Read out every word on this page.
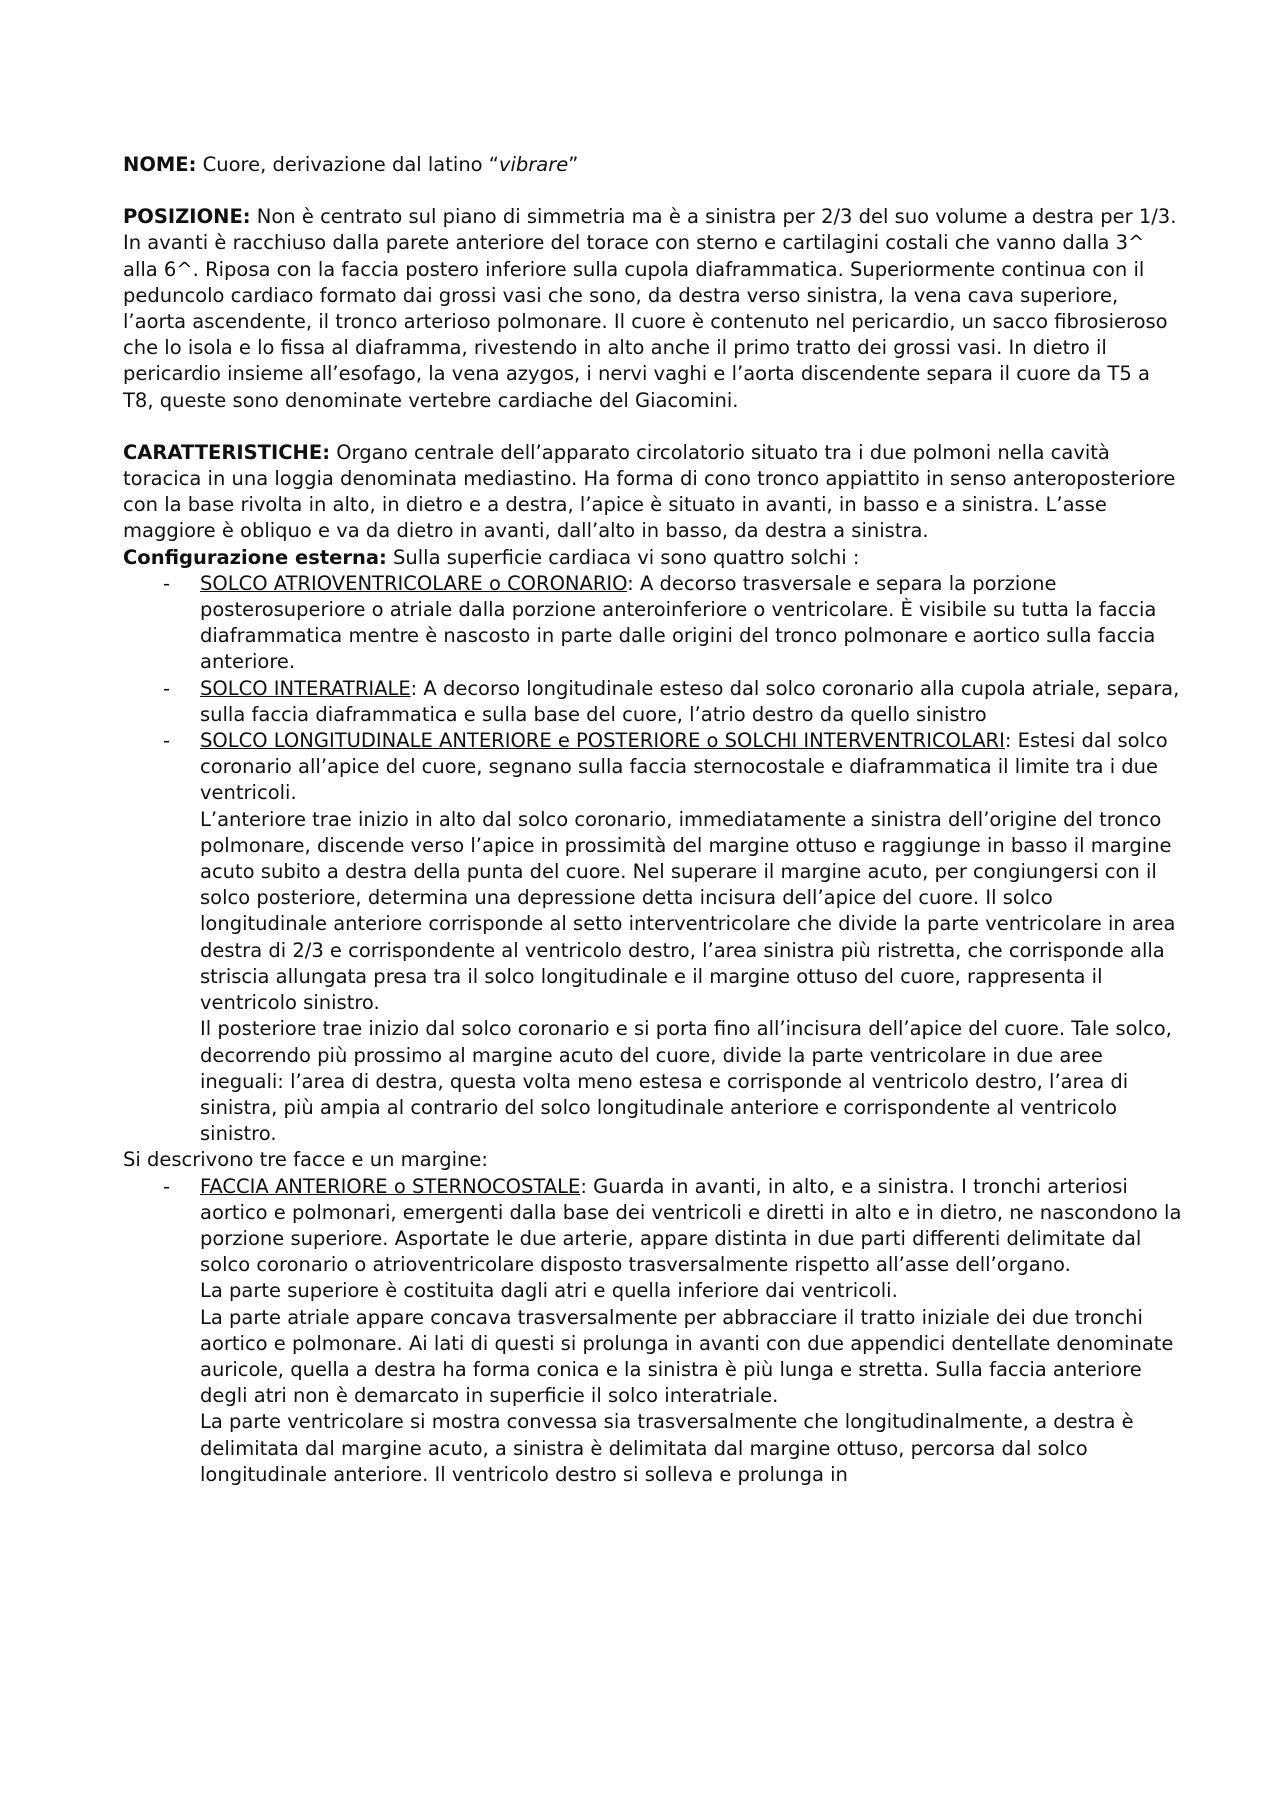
NOME: Cuore, derivazione dal latino “vibrare”

POSIZIONE: Non è centrato sul piano di simmetria ma è a sinistra per 2/3 del suo volume a destra per 1/3. In avanti è racchiuso dalla parete anteriore del torace con sterno e cartilagini costali che vanno dalla 3^ alla 6^. Riposa con la faccia postero inferiore sulla cupola diaframmatica. Superiormente continua con il peduncolo cardiaco formato dai grossi vasi che sono, da destra verso sinistra, la vena cava superiore, l’aorta ascendente, il tronco arterioso polmonare. Il cuore è contenuto nel pericardio, un sacco fibrosieroso che lo isola e lo fissa al diaframma, rivestendo in alto anche il primo tratto dei grossi vasi. In dietro il pericardio insieme all’esofago, la vena azygos, i nervi vaghi e l’aorta discendente separa il cuore da T5 a T8, queste sono denominate vertebre cardiache del Giacomini.

CARATTERISTICHE: Organo centrale dell’apparato circolatorio situato tra i due polmoni nella cavità toracica in una loggia denominata mediastino. Ha forma di cono tronco appiattito in senso anteroposteriore con la base rivolta in alto, in dietro e a destra, l’apice è situato in avanti, in basso e a sinistra. L’asse maggiore è obliquo e va da dietro in avanti, dall’alto in basso, da destra a sinistra.

Configurazione esterna: Sulla superficie cardiaca vi sono quattro solchi :

- SOLCO ATRIOVENTRICOLARE o CORONARIO: A decorso trasversale e separa la porzione posterosuperiore o atriale dalla porzione anteroinferiore o ventricolare. È visibile su tutta la faccia diaframmatica mentre è nascosto in parte dalle origini del tronco polmonare e aortico sulla faccia anteriore.

- SOLCO INTERATRIALE: A decorso longitudinale esteso dal solco coronario alla cupola atriale, separa, sulla faccia diaframmatica e sulla base del cuore, l’atrio destro da quello sinistro

- SOLCO LONGITUDINALE ANTERIORE e POSTERIORE o SOLCHI INTERVENTRICOLARI: Estesi dal solco coronario all’apice del cuore, segnano sulla faccia sternocostale e diaframmatica il limite tra i due ventricoli.

L’anteriore trae inizio in alto dal solco coronario, immediatamente a sinistra dell’origine del tronco polmonare, discende verso l’apice in prossimità del margine ottuso e raggiunge in basso il margine acuto subito a destra della punta del cuore. Nel superare il margine acuto, per congiungersi con il solco posteriore, determina una depressione detta incisura dell’apice del cuore. Il solco longitudinale anteriore corrisponde al setto interventricolare che divide la parte ventricolare in area destra di 2/3 e corrispondente al ventricolo destro, l’area sinistra più ristretta, che corrisponde alla striscia allungata presa tra il solco longitudinale e il margine ottuso del cuore, rappresenta il ventricolo sinistro.

Il posteriore trae inizio dal solco coronario e si porta fino all’incisura dell’apice del cuore. Tale solco, decorrendo più prossimo al margine acuto del cuore, divide la parte ventricolare in due aree ineguali: l’area di destra, questa volta meno estesa e corrisponde al ventricolo destro, l’area di sinistra, più ampia al contrario del solco longitudinale anteriore e corrispondente al ventricolo sinistro.

Si descrivono tre facce e un margine:

- FACCIA ANTERIORE o STERNOCOSTALE: Guarda in avanti, in alto, e a sinistra. I tronchi arteriosi aortico e polmonari, emergenti dalla base dei ventricoli e diretti in alto e in dietro, ne nascondono la porzione superiore. Asportate le due arterie, appare distinta in due parti differenti delimitate dal solco coronario o atrioventricolare disposto trasversalmente rispetto all’asse dell’organo.

La parte superiore è costituita dagli atri e quella inferiore dai ventricoli.

La parte atriale appare concava trasversalmente per abbracciare il tratto iniziale dei due tronchi aortico e polmonare. Ai lati di questi si prolunga in avanti con due appendici dentellate denominate auricole, quella a destra ha forma conica e la sinistra è più lunga e stretta. Sulla faccia anteriore degli atri non è demarcato in superficie il solco interatriale.

La parte ventricolare si mostra convessa sia trasversalmente che longitudinalmente, a destra è delimitata dal margine acuto, a sinistra è delimitata dal margine ottuso, percorsa dal solco longitudinale anteriore. Il ventricolo destro si solleva e prolunga in
